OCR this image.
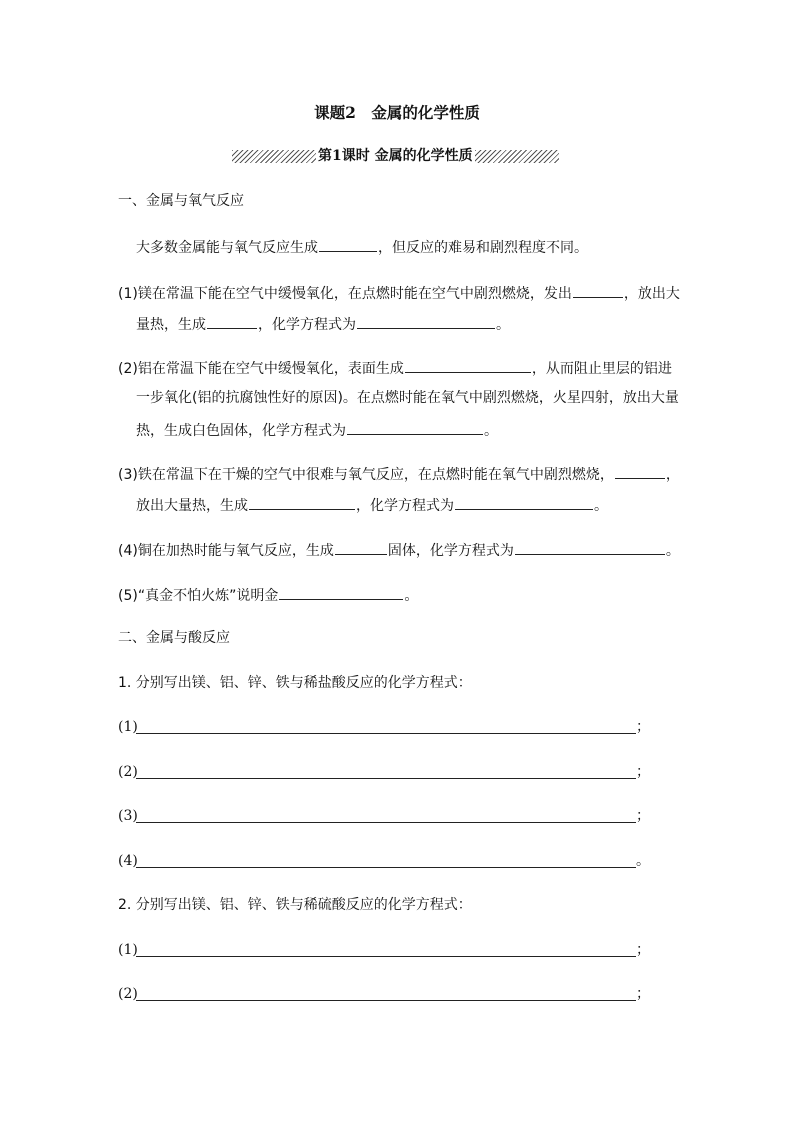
课题2　金属的化学性质
第1课时 金属的化学性质
一、金属与氧气反应
大多数金属能与氧气反应生成	，但反应的难易和剧烈程度不同。
(1)镁在常温下能在空气中缓慢氧化，在点燃时能在空气中剧烈燃烧，发出	，放出大
量热，生成	，化学方程式为	。
(2)铝在常温下能在空气中缓慢氧化，表面生成	，从而阻止里层的铝进
一步氧化(铝的抗腐蚀性好的原因)。在点燃时能在氧气中剧烈燃烧，火星四射，放出大量
热，生成白色固体，化学方程式为	。
(3)铁在常温下在干燥的空气中很难与氧气反应，在点燃时能在氧气中剧烈燃烧，	，
放出大量热，生成	，化学方程式为	。
(4)铜在加热时能与氧气反应，生成	固体，化学方程式为	。
(5)“真金不怕火炼”说明金	。
二、金属与酸反应
1. 分别写出镁、铝、锌、铁与稀盐酸反应的化学方程式：
(1)	；
(2)	；
(3)	；
(4)	。
2. 分别写出镁、铝、锌、铁与稀硫酸反应的化学方程式：
(1)	；
(2)	；
